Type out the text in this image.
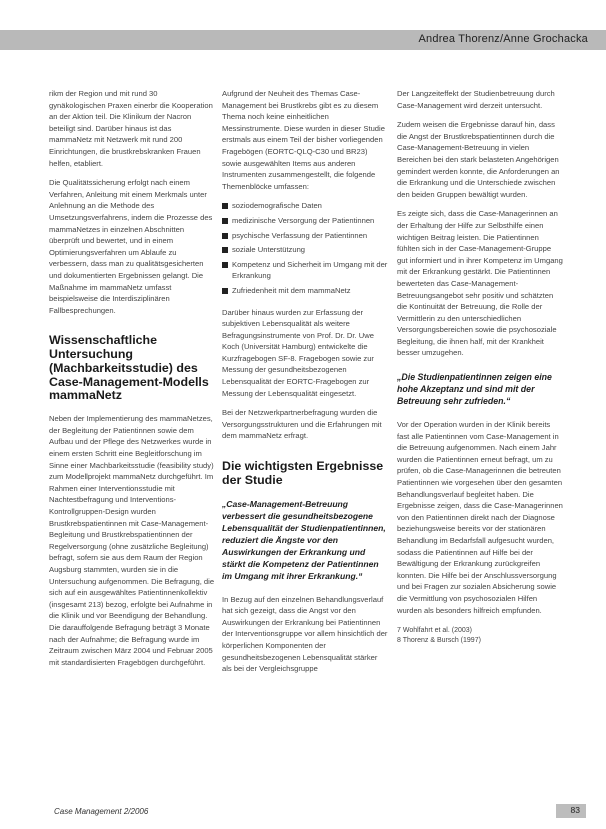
Andrea Thorenz/Anne Grochacka

rikm der Region und mit rund 30 gynäkologischen Praxen einerbr die Kooperation an der Aktion teil. Die Klinikum der Nacron beteiligt sind. Darüber hinaus ist das mammaNetz mit Netzwerk mit rund 200 Einrichtungen, die brustkrebskranken Frauen helfen, etabliert.

Die Qualitätssicherung erfolgt nach einem Verfahren, Anleitung mit einem Merkmals unter Anlehnung an die Methode des Umsetzungsverfahrens, indem die Prozesse des mammaNetzes in einzelnen Abschnitten überprüft und bewertet, und in einem Optimierungsverfahren um Ablaufe zu verbessern, dass man zu qualitätsgesicherten und dokumentierten Ergebnissen gelangt. Die Maßnahme im mammaNetz umfasst beispielsweise die Interdisziplinären Fallbesprechungen.

Wissenschaftliche Untersuchung (Machbarkeitsstudie) des Case-Management-Modells mammaNetz

Neben der Implementierung des mammaNetzes, der Begleitung der Patientinnen sowie dem Aufbau und der Pflege des Netzwerkes wurde in einem ersten Schritt eine Begleitforschung im Sinne einer Machbarkeitsstudie (feasibility study) zum Modellprojekt mammaNetz durchgeführt. Im Rahmen einer Interventionsstudie mit Nachtestbefragung und Interventions-Kontrollgruppen-Design wurden Brustkrebspatientinnen mit Case-Management-Begleitung und Brustkrebspatientinnen der Regelversorgung (ohne zusätzliche Begleitung) befragt, sofern sie aus dem Raum der Region Augsburg stammten, wurden sie in die Untersuchung aufgenommen. Die Befragung, die sich auf ein ausgewähltes Patientinnenkollektiv (insgesamt 213) bezog, erfolgte bei Aufnahme in die Klinik und vor Beendigung der Behandlung. Die darauffolgende Befragung beträgt 3 Monate nach der Aufnahme; die Befragung wurde im Zeitraum zwischen März 2004 und Februar 2005 mit standardisierten Fragebögen durchgeführt.

Aufgrund der Neuheit des Themas Case-Management bei Brustkrebs gibt es zu diesem Thema noch keine einheitlichen Messinstrumente. Diese wurden in dieser Studie erstmals aus einem Teil der bisher vorliegenden Fragebögen (EORTC-QLQ-C30 und BR23) sowie ausgewählten Items aus anderen Instrumenten zusammengestellt, die folgende Themenblöcke umfassen:

soziodemografische Daten
medizinische Versorgung der Patientinnen
psychische Verfassung der Patientinnen
soziale Unterstützung
Kompetenz und Sicherheit im Umgang mit der Erkrankung
Zufriedenheit mit dem mammaNetz

Darüber hinaus wurden zur Erfassung der subjektiven Lebensqualität als weitere Befragungsinstrumente von Prof. Dr. Dr. Uwe Koch (Universität Hamburg) entwickelte die Kurzfragebogen SF-8. Fragebogen sowie zur Messung der gesundheitsbezogenen Lebensqualität der EORTC-Fragebogen zur Messung der Lebensqualität eingesetzt.

Bei der Netzwerkpartnerbefragung wurden die Versorgungsstrukturen und die Erfahrungen mit dem mammaNetz erfragt.

Die wichtigsten Ergebnisse der Studie
„Case-Management-Betreuung verbessert die gesundheitsbezogene Lebensqualität der Studienpatientinnen, reduziert die Ängste vor den Auswirkungen der Erkrankung und stärkt die Kompetenz der Patientinnen im Umgang mit ihrer Erkrankung.“

In Bezug auf den einzelnen Behandlungsverlauf hat sich gezeigt, dass die Angst vor den Auswirkungen der Erkrankung bei Patientinnen der Interventionsgruppe vor allem hinsichtlich der körperlichen Komponenten der gesundheitsbezogenen Lebensqualität stärker als bei der Vergleichsgruppe

Der Langzeiteffekt der Studienbetreuung durch Case-Management wird derzeit untersucht.

Zudem weisen die Ergebnisse darauf hin, dass die Angst der Brustkrebspatientinnen durch die Case-Management-Betreuung in vielen Bereichen bei den stark belasteten Angehörigen gemindert werden konnte, die Anforderungen an die Erkrankung und die Unterschiede zwischen den beiden Gruppen bewältigt wurden.

Es zeigte sich, dass die Case-Managerinnen an der Erhaltung der Hilfe zur Selbsthilfe einen wichtigen Beitrag leisten. Die Patientinnen fühlten sich in der Case-Management-Gruppe gut informiert und in ihrer Kompetenz im Umgang mit der Erkrankung gestärkt. Die Patientinnen bewerteten das Case-Management-Betreuungsangebot sehr positiv und schätzten die Kontinuität der Betreuung, die Rolle der Vermittlerin zu den unterschiedlichen Versorgungsbereichen sowie die psychosoziale Begleitung, die ihnen half, mit der Krankheit besser umzugehen.

„Die Studienpatientinnen zeigen eine hohe Akzeptanz und sind mit der Betreuung sehr zufrieden.“

Vor der Operation wurden in der Klinik bereits fast alle Patientinnen vom Case-Management in die Betreuung aufgenommen. Nach einem Jahr wurden die Patientinnen erneut befragt, um zu prüfen, ob die Case-Managerinnen die betreuten Patientinnen wie vorgesehen über den gesamten Behandlungsverlauf begleitet haben. Die Ergebnisse zeigen, dass die Case-Managerinnen von den Patientinnen direkt nach der Diagnose beziehungsweise bereits vor der stationären Behandlung im Bedarfsfall aufgesucht wurden, sodass die Patientinnen auf Hilfe bei der Bewältigung der Erkrankung zurückgreifen konnten. Die Hilfe bei der Anschlussversorgung und bei Fragen zur sozialen Absicherung sowie die Vermittlung von psychosozialen Hilfen wurden als besonders hilfreich empfunden.

7 Wohlfahrt et al. (2003)
8 Thorenz & Bursch (1997)
Case Management 2/2006	83
